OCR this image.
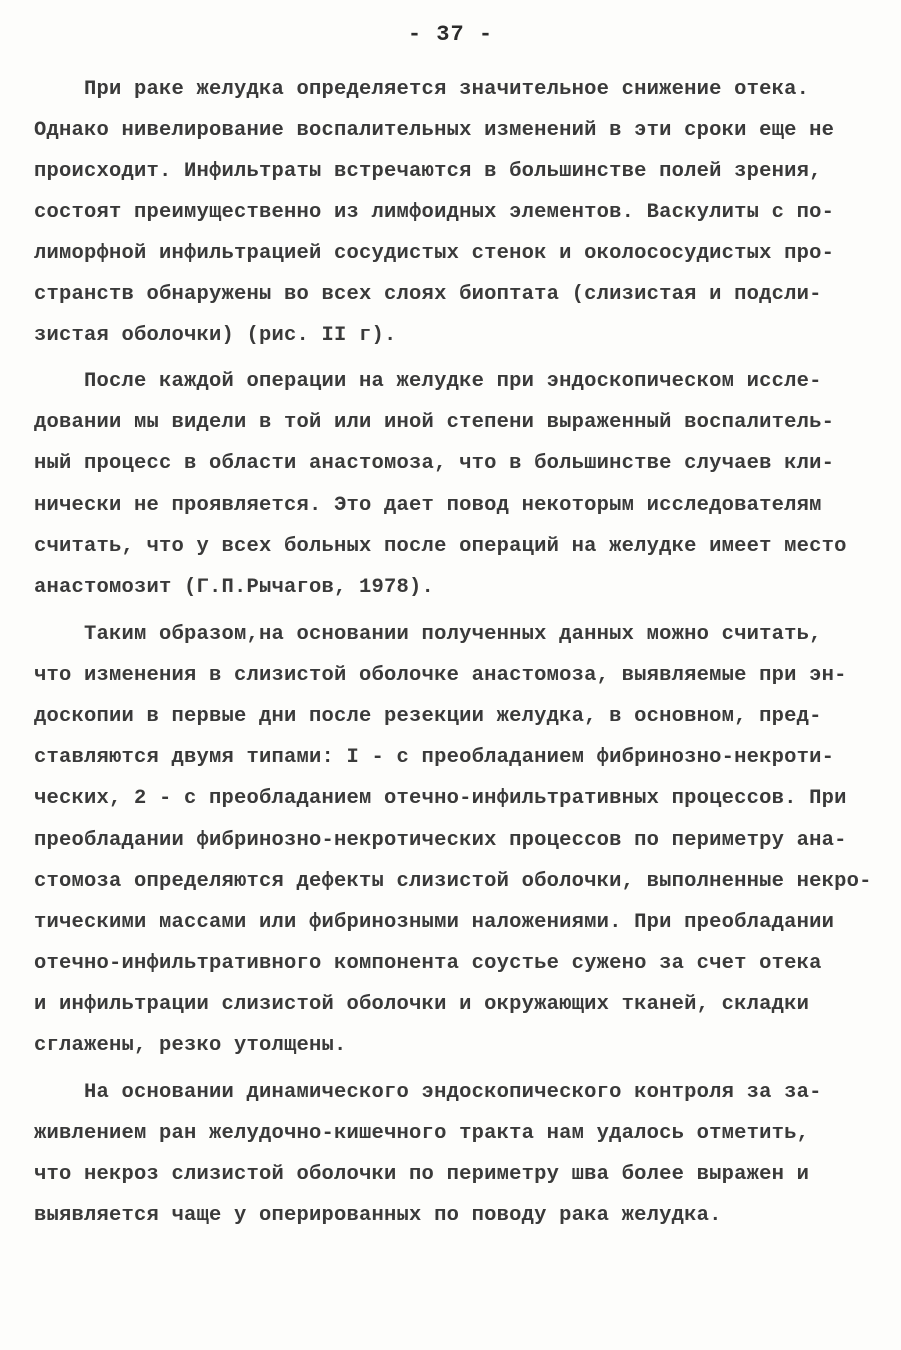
- 37 -
При раке желудка определяется значительное снижение отека.
Однако нивелирование воспалительных изменений в эти сроки еще не
происходит. Инфильтраты встречаются в большинстве полей зрения,
состоят преимущественно из лимфоидных элементов. Васкулиты с по-
лиморфной инфильтрацией сосудистых стенок и околососудистых про-
странств обнаружены во всех слоях биоптата (слизистая и подсли-
зистая оболочки) (рис. II г).
После каждой операции на желудке при эндоскопическом иссле-
довании мы видели в той или иной степени выраженный воспалитель-
ный процесс в области анастомоза, что в большинстве случаев кли-
нически не проявляется. Это дает повод некоторым исследователям
считать, что у всех больных после операций на желудке имеет место
анастомозит (Г.П.Рычагов, 1978).
Таким образом,на основании полученных данных можно считать,
что изменения в слизистой оболочке анастомоза, выявляемые при эн-
доскопии в первые дни после резекции желудка, в основном, пред-
ставляются двумя типами: I - с преобладанием фибринозно-некроти-
ческих, 2 - с преобладанием отечно-инфильтративных процессов. При
преобладании фибринозно-некротических процессов по периметру ана-
стомоза определяются дефекты слизистой оболочки, выполненные некро-
тическими массами или фибринозными наложениями. При преобладании
отечно-инфильтративного компонента соустье сужено за счет отека
и инфильтрации слизистой оболочки и окружающих тканей, складки
сглажены, резко утолщены.
На основании динамического эндоскопического контроля за за-
живлением ран желудочно-кишечного тракта нам удалось отметить,
что некроз слизистой оболочки по периметру шва более выражен и
выявляется чаще у оперированных по поводу рака желудка.
